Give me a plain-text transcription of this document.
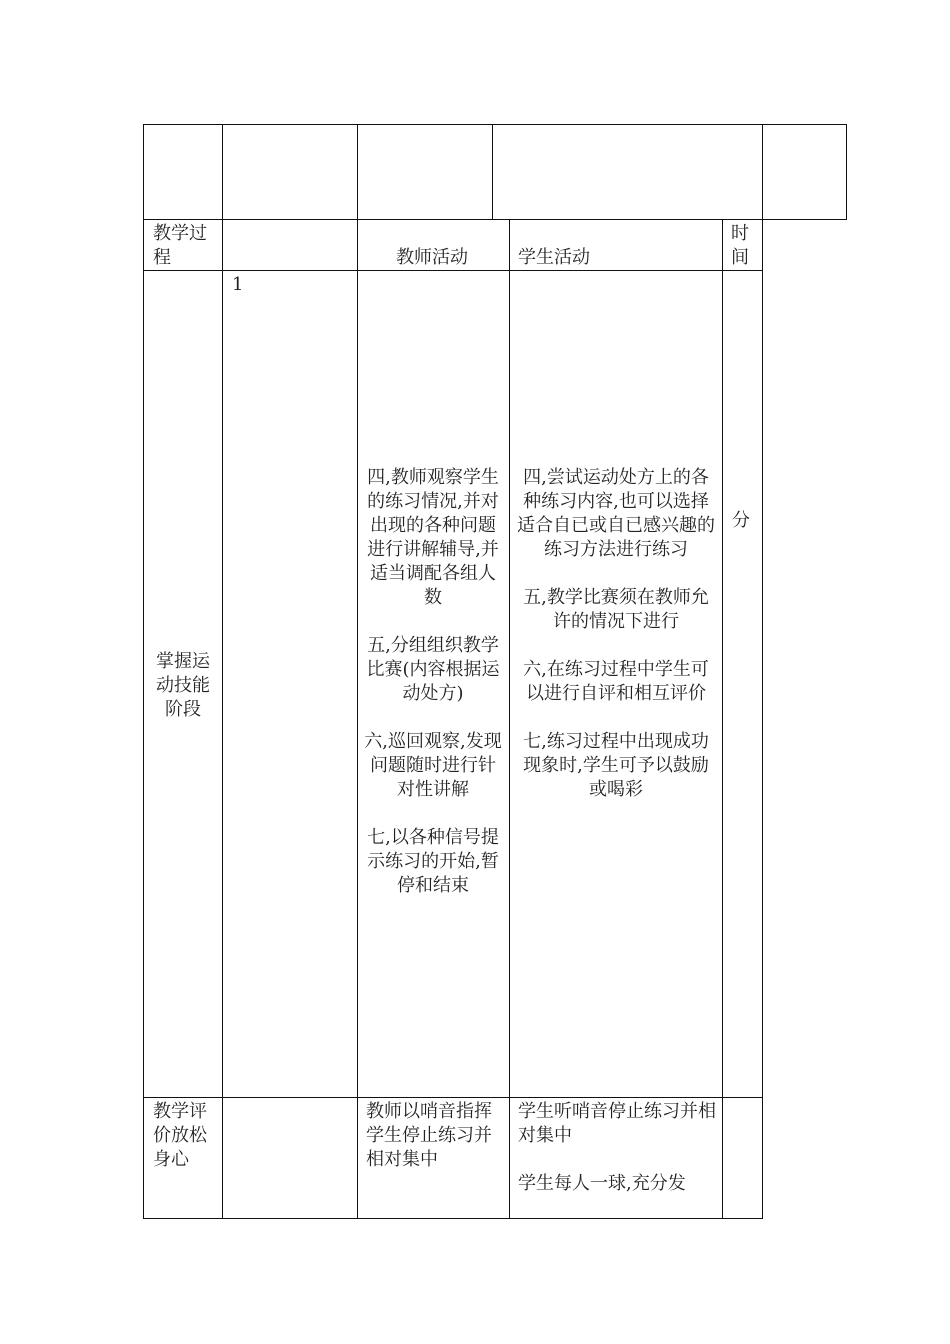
教学过程	教师活动	学生活动

时间

掌握运动技能阶段

1

四,教师观察学生的练习情况,并对出现的各种问题进行讲解辅导,并适当调配各组人数

五,分组组织教学比赛(内容根据运动处方)

六,巡回观察,发现问题随时进行针对性讲解

七,以各种信号提示练习的开始,暂停和结束

四,尝试运动处方上的各种练习内容,也可以选择适合自已或自已感兴趣的练习方法进行练习

五,教学比赛须在教师允许的情况下进行

六,在练习过程中学生可以进行自评和相互评价

七,练习过程中出现成功现象时,学生可予以鼓励或喝彩

分

教学评价放松身心

教师以哨音指挥学生停止练习并相对集中

学生听哨音停止练习并相对集中

学生每人一球,充分发
